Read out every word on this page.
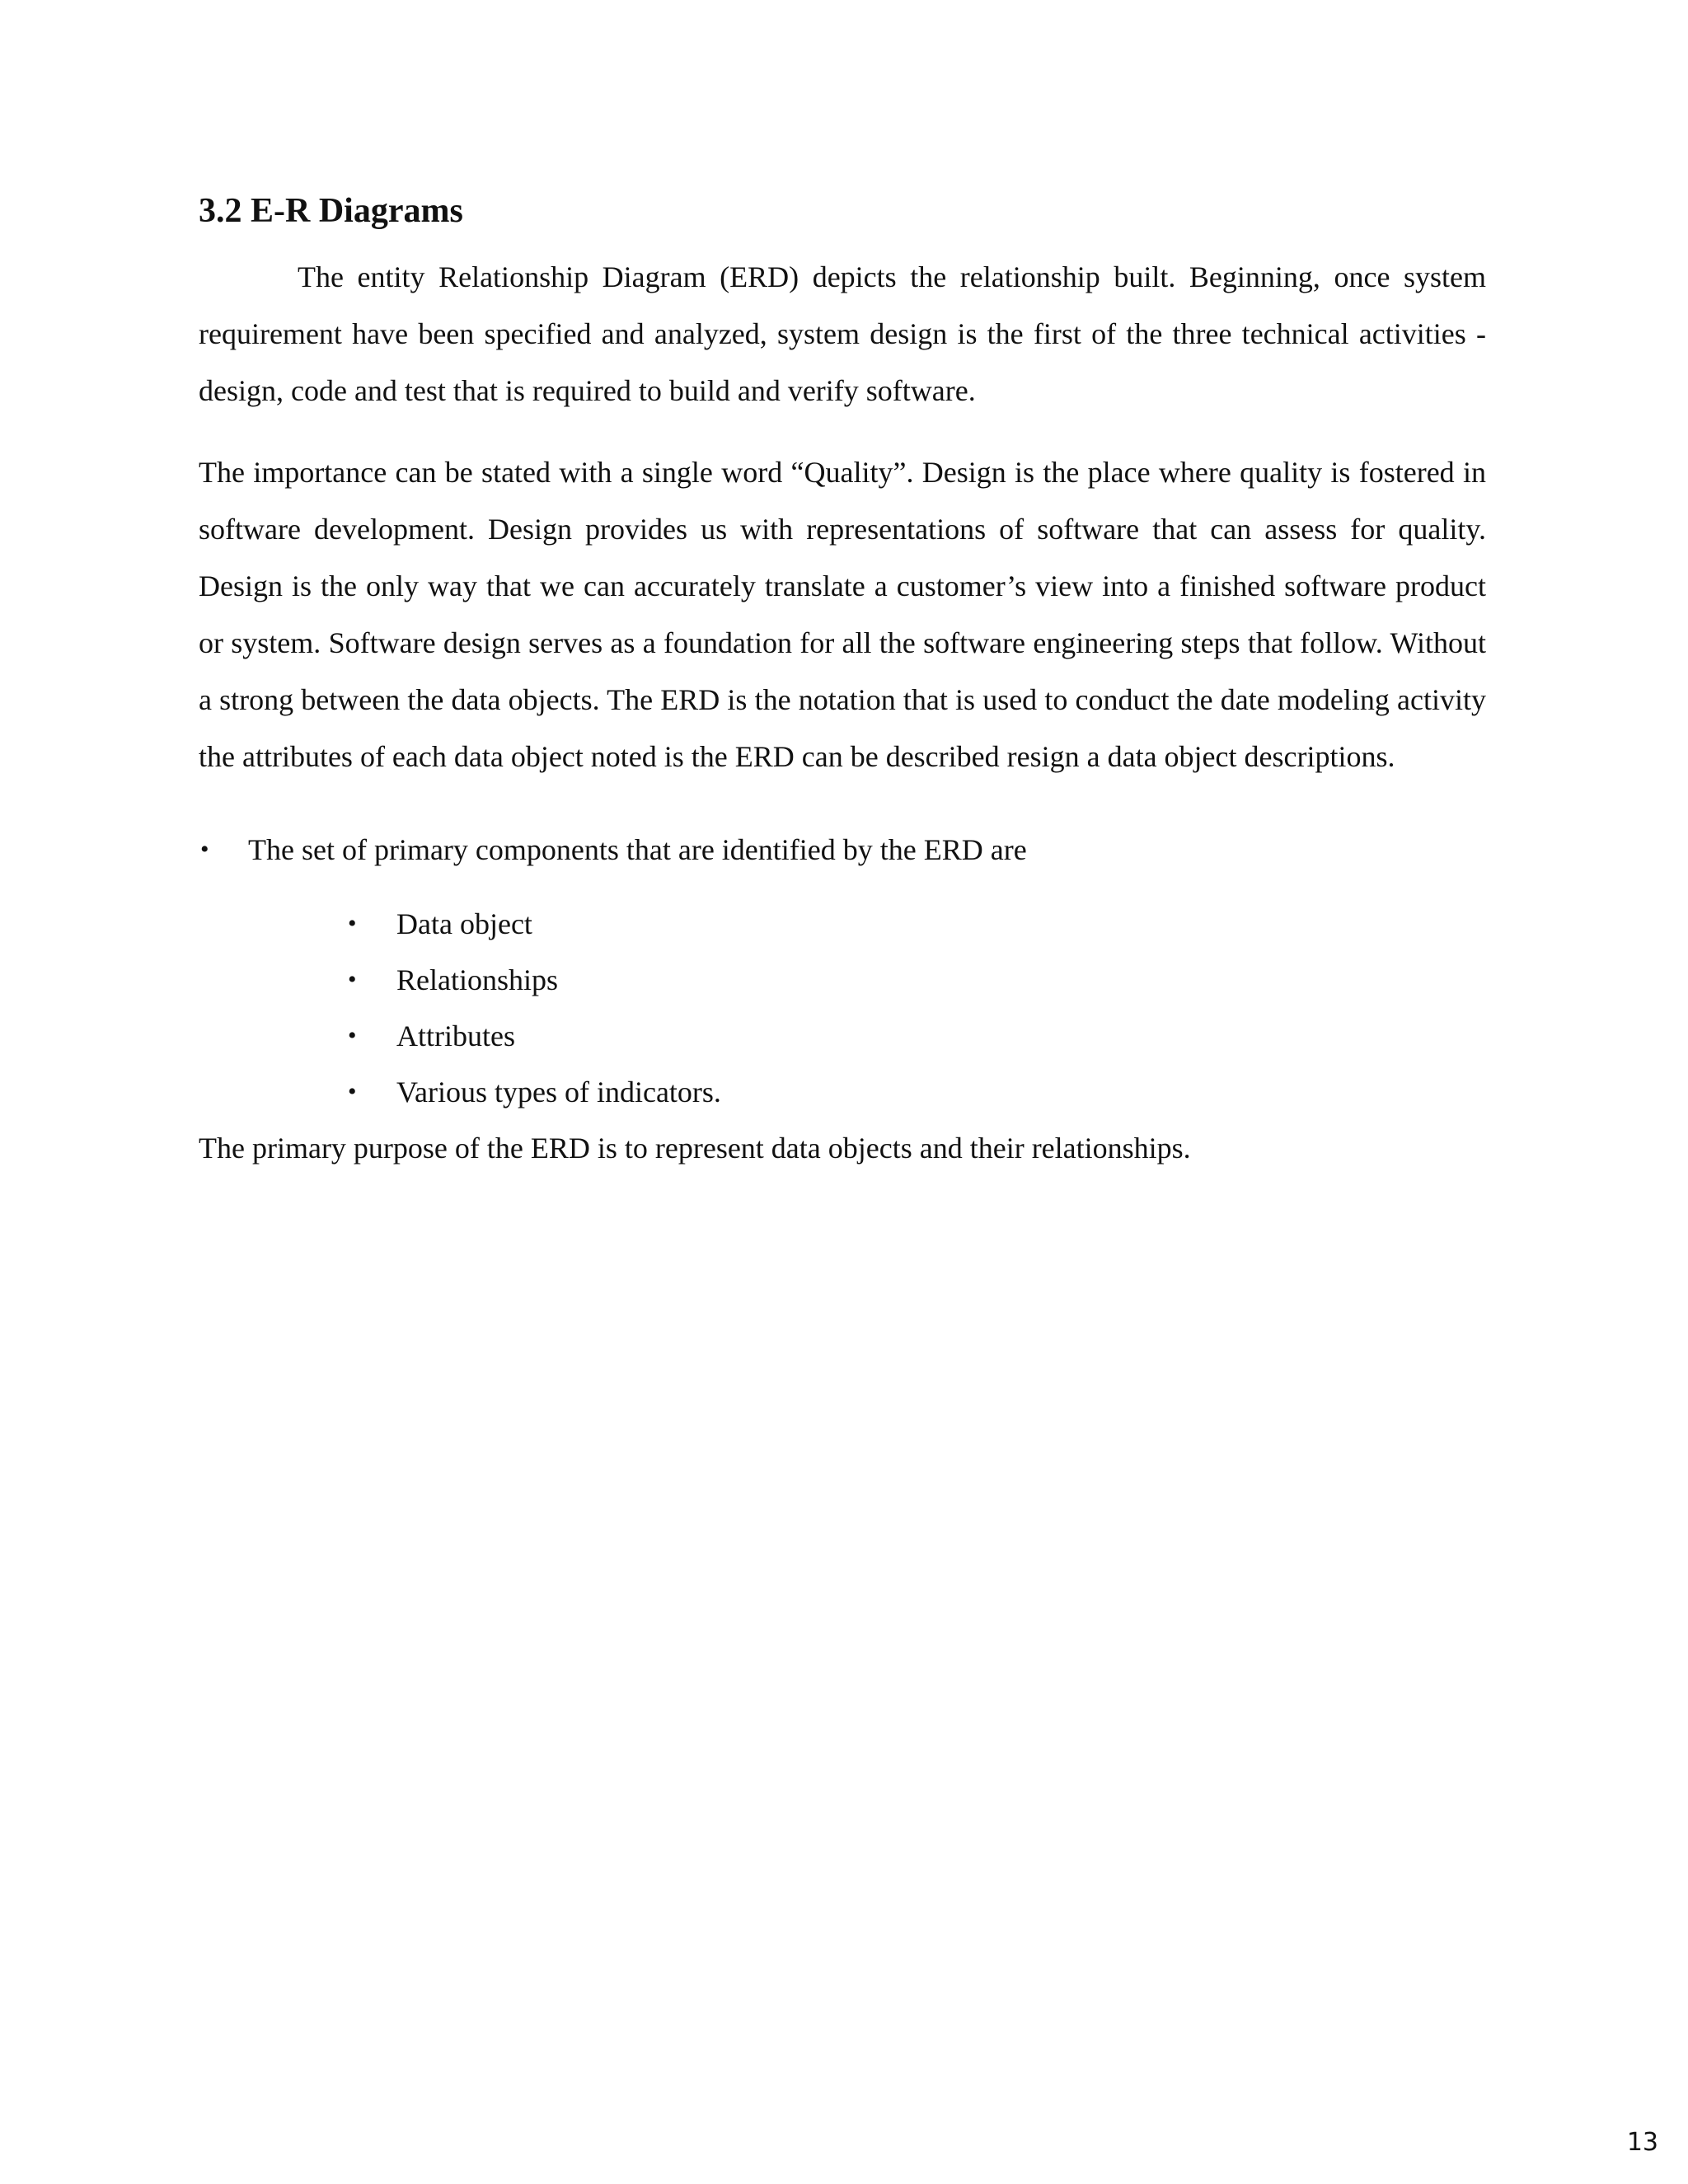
3.2 E-R Diagrams

The entity Relationship Diagram (ERD) depicts the relationship built. Beginning, once system requirement have been specified and analyzed, system design is the first of the three technical activities -design, code and test that is required to build and verify software.

The importance can be stated with a single word “Quality”. Design is the place where quality is fostered in software development. Design provides us with representations of software that can assess for quality. Design is the only way that we can accurately translate a customer’s view into a finished software product or system. Software design serves as a foundation for all the software engineering steps that follow. Without a strong between the data objects. The ERD is the notation that is used to conduct the date modeling activity the attributes of each data object noted is the ERD can be described resign a data object descriptions.

• The set of primary components that are identified by the ERD are
• Data object
• Relationships
• Attributes
• Various types of indicators.

The primary purpose of the ERD is to represent data objects and their relationships.

13
